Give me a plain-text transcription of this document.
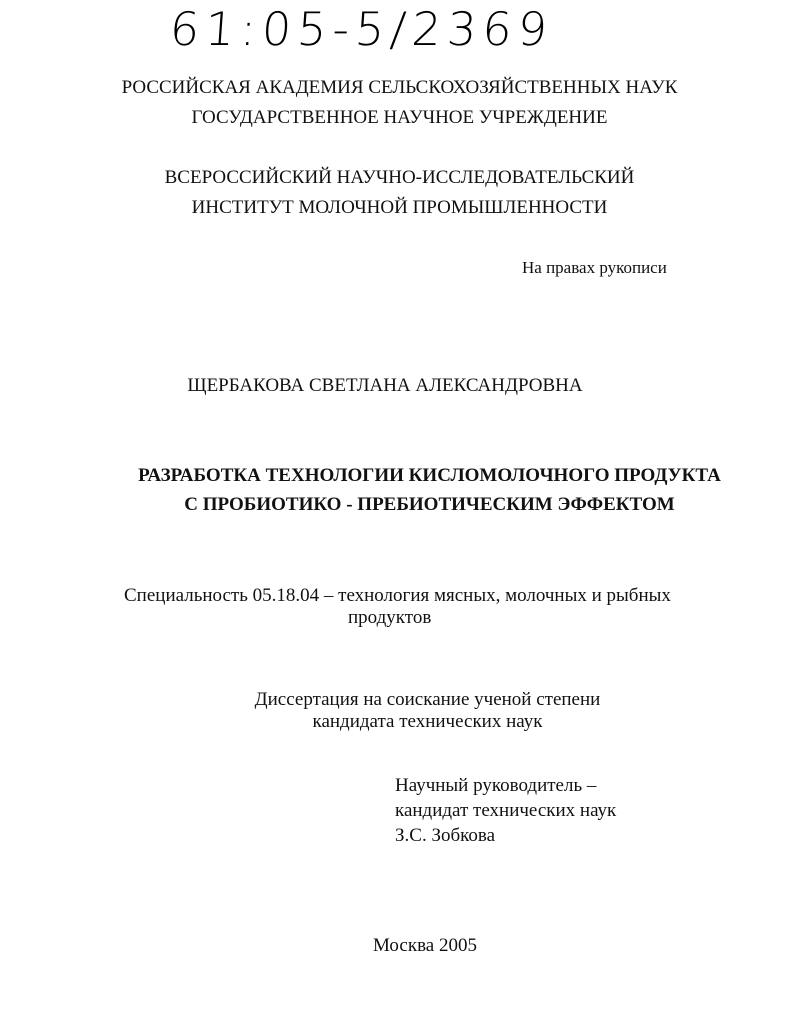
61:05-5/2369
РОССИЙСКАЯ АКАДЕМИЯ СЕЛЬСКОХОЗЯЙСТВЕННЫХ НАУК
ГОСУДАРСТВЕННОЕ НАУЧНОЕ УЧРЕЖДЕНИЕ
ВСЕРОССИЙСКИЙ НАУЧНО-ИССЛЕДОВАТЕЛЬСКИЙ
ИНСТИТУТ МОЛОЧНОЙ ПРОМЫШЛЕННОСТИ
На правах рукописи
ЩЕРБАКОВА СВЕТЛАНА АЛЕКСАНДРОВНА
РАЗРАБОТКА ТЕХНОЛОГИИ КИСЛОМОЛОЧНОГО ПРОДУКТА
С ПРОБИОТИКО - ПРЕБИОТИЧЕСКИМ ЭФФЕКТОМ
Специальность 05.18.04 – технология мясных, молочных и рыбных
продуктов
Диссертация на соискание ученой степени
кандидата технических наук
Научный руководитель –
кандидат технических наук
З.С. Зобкова
Москва 2005
